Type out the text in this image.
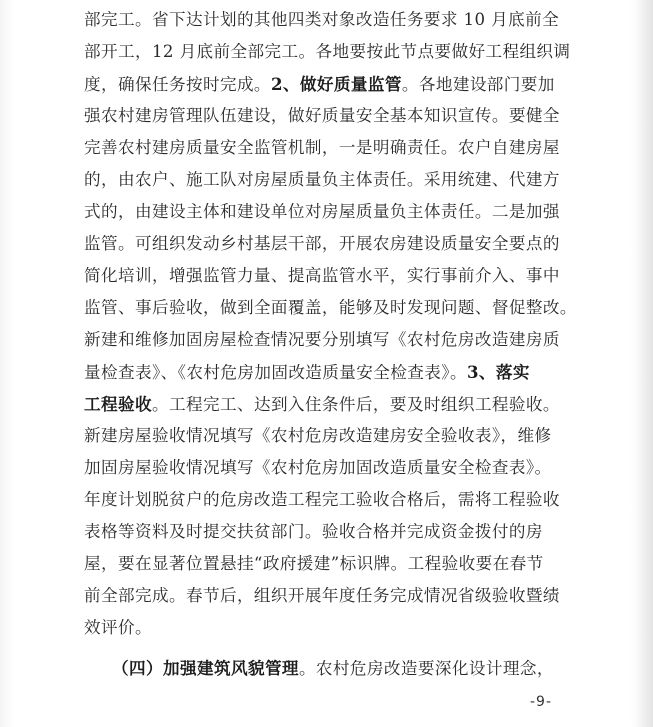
部完工。省下达计划的其他四类对象改造任务要求 10 月底前全
部开工，12 月底前全部完工。各地要按此节点要做好工程组织调
度，确保任务按时完成。2、做好质量监管。各地建设部门要加
强农村建房管理队伍建设，做好质量安全基本知识宣传。要健全
完善农村建房质量安全监管机制，一是明确责任。农户自建房屋
的，由农户、施工队对房屋质量负主体责任。采用统建、代建方
式的，由建设主体和建设单位对房屋质量负主体责任。二是加强
监管。可组织发动乡村基层干部，开展农房建设质量安全要点的
简化培训，增强监管力量、提高监管水平，实行事前介入、事中
监管、事后验收，做到全面覆盖，能够及时发现问题、督促整改。
新建和维修加固房屋检查情况要分别填写《农村危房改造建房质
量检查表》、《农村危房加固改造质量安全检查表》。3、落实
工程验收。工程完工、达到入住条件后，要及时组织工程验收。
新建房屋验收情况填写《农村危房改造建房安全验收表》，维修
加固房屋验收情况填写《农村危房加固改造质量安全检查表》。
年度计划脱贫户的危房改造工程完工验收合格后，需将工程验收
表格等资料及时提交扶贫部门。验收合格并完成资金拨付的房
屋，要在显著位置悬挂“政府援建”标识牌。工程验收要在春节
前全部完成。春节后，组织开展年度任务完成情况省级验收暨绩
效评价。
（四）加强建筑风貌管理。农村危房改造要深化设计理念，
-9-
